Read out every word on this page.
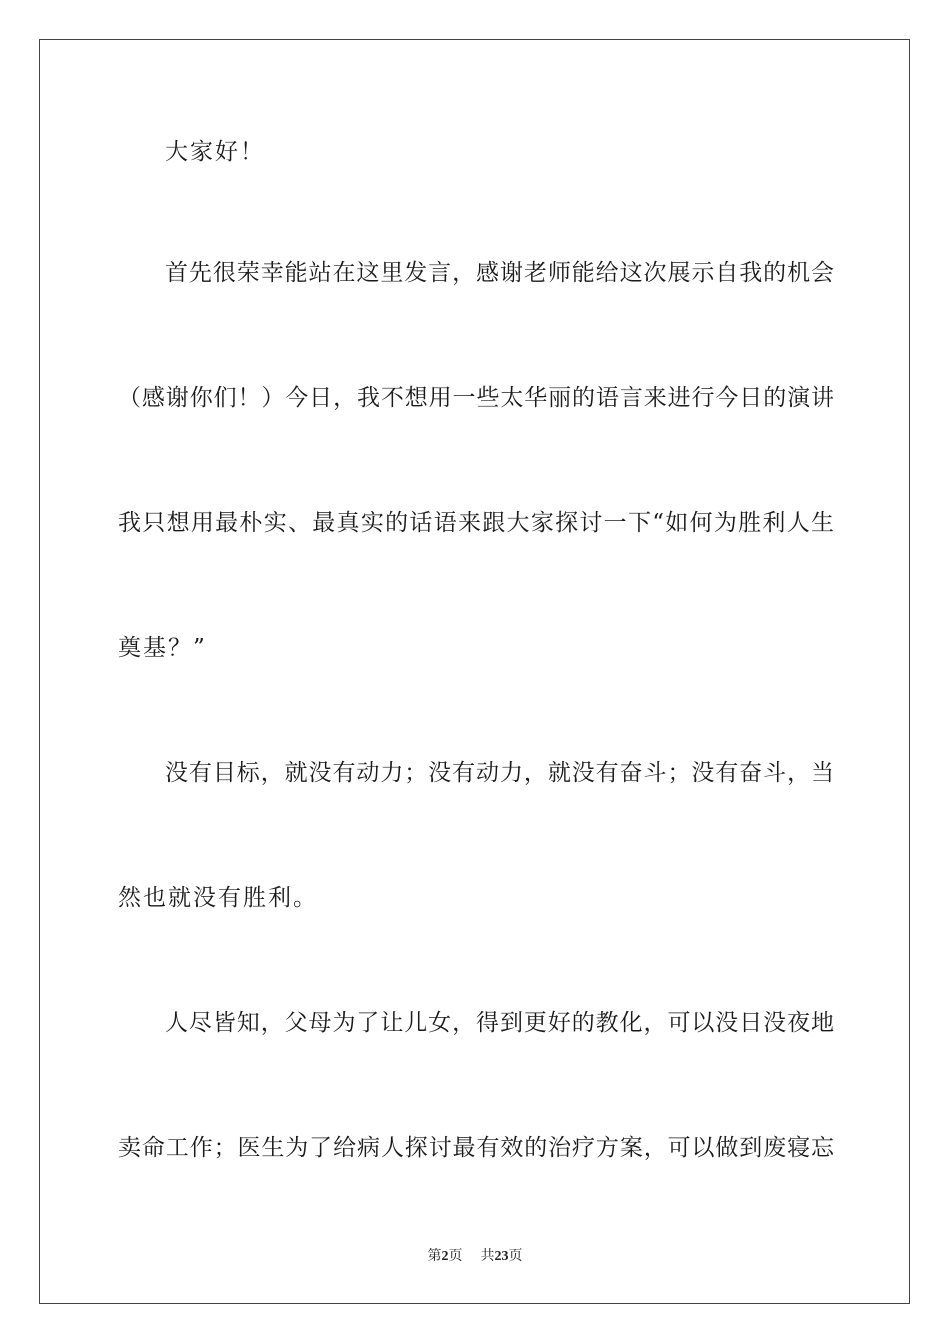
大家好！
首先很荣幸能站在这里发言，感谢老师能给这次展示自我的机会
（感谢你们！）今日，我不想用一些太华丽的语言来进行今日的演讲
我只想用最朴实、最真实的话语来跟大家探讨一下“如何为胜利人生
奠基？”
没有目标，就没有动力；没有动力，就没有奋斗；没有奋斗，当
然也就没有胜利。
人尽皆知，父母为了让儿女，得到更好的教化，可以没日没夜地
卖命工作；医生为了给病人探讨最有效的治疗方案，可以做到废寝忘
第2页 共23页
